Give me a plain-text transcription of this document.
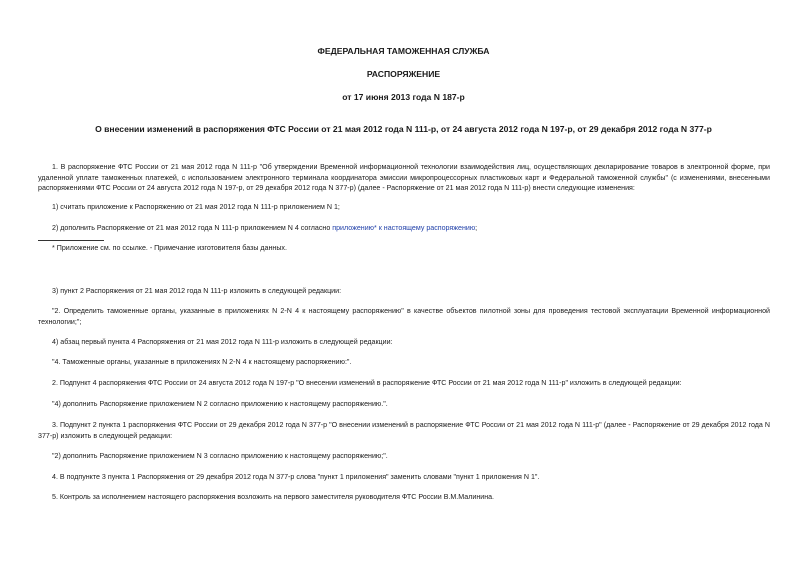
ФЕДЕРАЛЬНАЯ ТАМОЖЕННАЯ СЛУЖБА
РАСПОРЯЖЕНИЕ
от 17 июня 2013 года N 187-р
О внесении изменений в распоряжения ФТС России от 21 мая 2012 года N 111-р, от 24 августа 2012 года N 197-р, от 29 декабря 2012 года N 377-р

1. В распоряжение ФТС России от 21 мая 2012 года N 111-р "Об утверждении Временной информационной технологии взаимодействия лиц, осуществляющих декларирование товаров в электронной форме, при удаленной уплате таможенных платежей, с использованием электронного терминала координатора эмиссии микропроцессорных пластиковых карт и Федеральной таможенной службы" (с изменениями, внесенными распоряжениями ФТС России от 24 августа 2012 года N 197-р, от 29 декабря 2012 года N 377-р) (далее - Распоряжение от 21 мая 2012 года N 111-р) внести следующие изменения:

1) считать приложение к Распоряжению от 21 мая 2012 года N 111-р приложением N 1;

2) дополнить Распоряжение от 21 мая 2012 года N 111-р приложением N 4 согласно приложению* к настоящему распоряжению;

* Приложение см. по ссылке. - Примечание изготовителя базы данных.

3) пункт 2 Распоряжения от 21 мая 2012 года N 111-р изложить в следующей редакции:

"2. Определить таможенные органы, указанные в приложениях N 2-N 4 к настоящему распоряжению" в качестве объектов пилотной зоны для проведения тестовой эксплуатации Временной информационной технологии;";

4) абзац первый пункта 4 Распоряжения от 21 мая 2012 года N 111-р изложить в следующей редакции:

"4. Таможенные органы, указанные в приложениях N 2-N 4 к настоящему распоряжению:".

2. Подпункт 4 распоряжения ФТС России от 24 августа 2012 года N 197-р "О внесении изменений в распоряжение ФТС России от 21 мая 2012 года N 111-р" изложить в следующей редакции:

"4) дополнить Распоряжение приложением N 2 согласно приложению к настоящему распоряжению.".

3. Подпункт 2 пункта 1 распоряжения ФТС России от 29 декабря 2012 года N 377-р "О внесении изменений в распоряжение ФТС России от 21 мая 2012 года N 111-р" (далее - Распоряжение от 29 декабря 2012 года N 377-р) изложить в следующей редакции:

"2) дополнить Распоряжение приложением N 3 согласно приложению к настоящему распоряжению;".

4. В подпункте 3 пункта 1 Распоряжения от 29 декабря 2012 года N 377-р слова "пункт 1 приложения" заменить словами "пункт 1 приложения N 1".

5. Контроль за исполнением настоящего распоряжения возложить на первого заместителя руководителя ФТС России В.М.Малинина.
